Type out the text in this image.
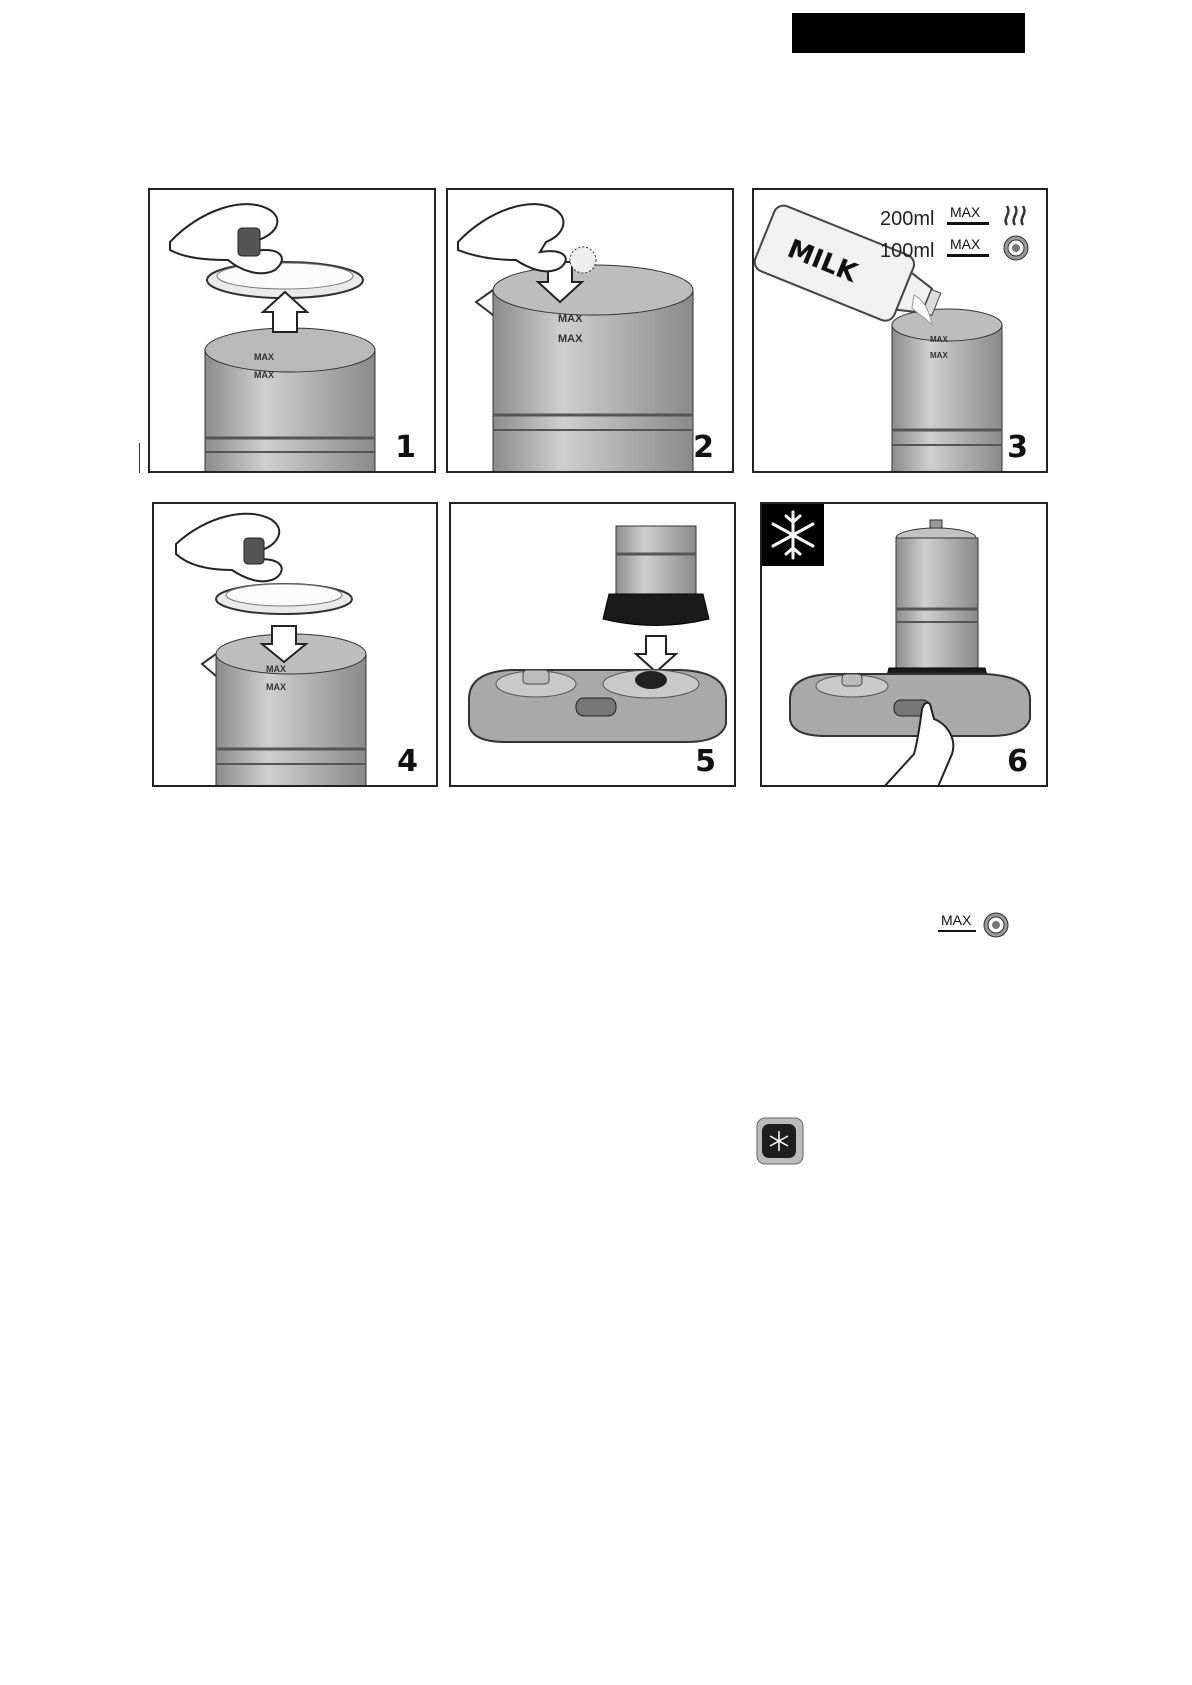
MAX
MAX
1
MAX
MAX
2
MAX
MAX
MILK
200ml MAX
100ml MAX
3
MAX
MAX
4	5	6
MAX
